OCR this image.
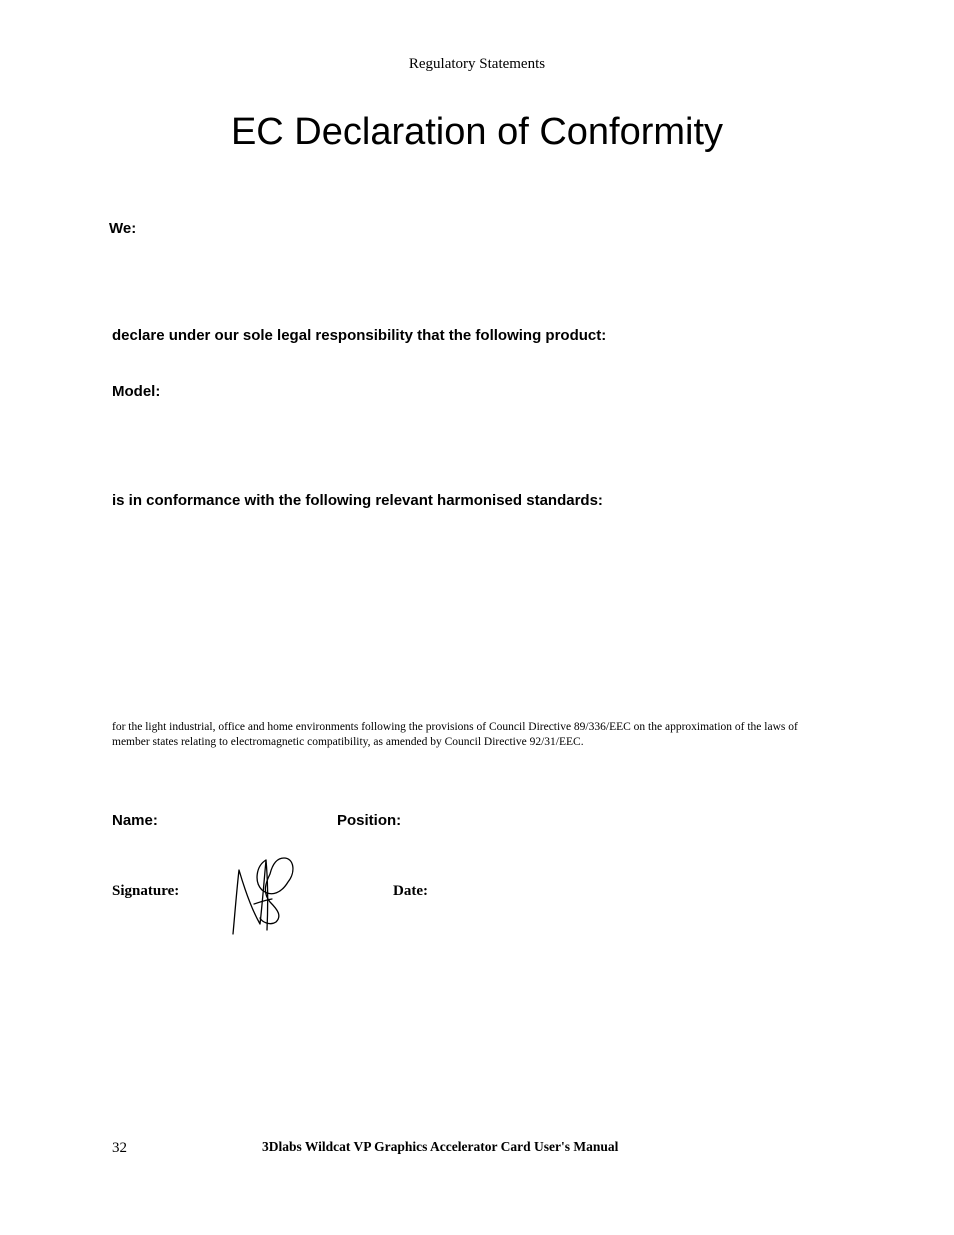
Regulatory Statements
EC Declaration of Conformity
We:
declare under our sole legal responsibility that the following product:
Model:
is in conformance with the following relevant harmonised standards:
for the light industrial, office and home environments following the provisions of Council Directive 89/336/EEC on the approximation of the laws of member states relating to electromagnetic compatibility, as amended by Council Directive 92/31/EEC.
Name:	Position:
Signature:	Date:
32	3Dlabs Wildcat VP Graphics Accelerator Card User's Manual
